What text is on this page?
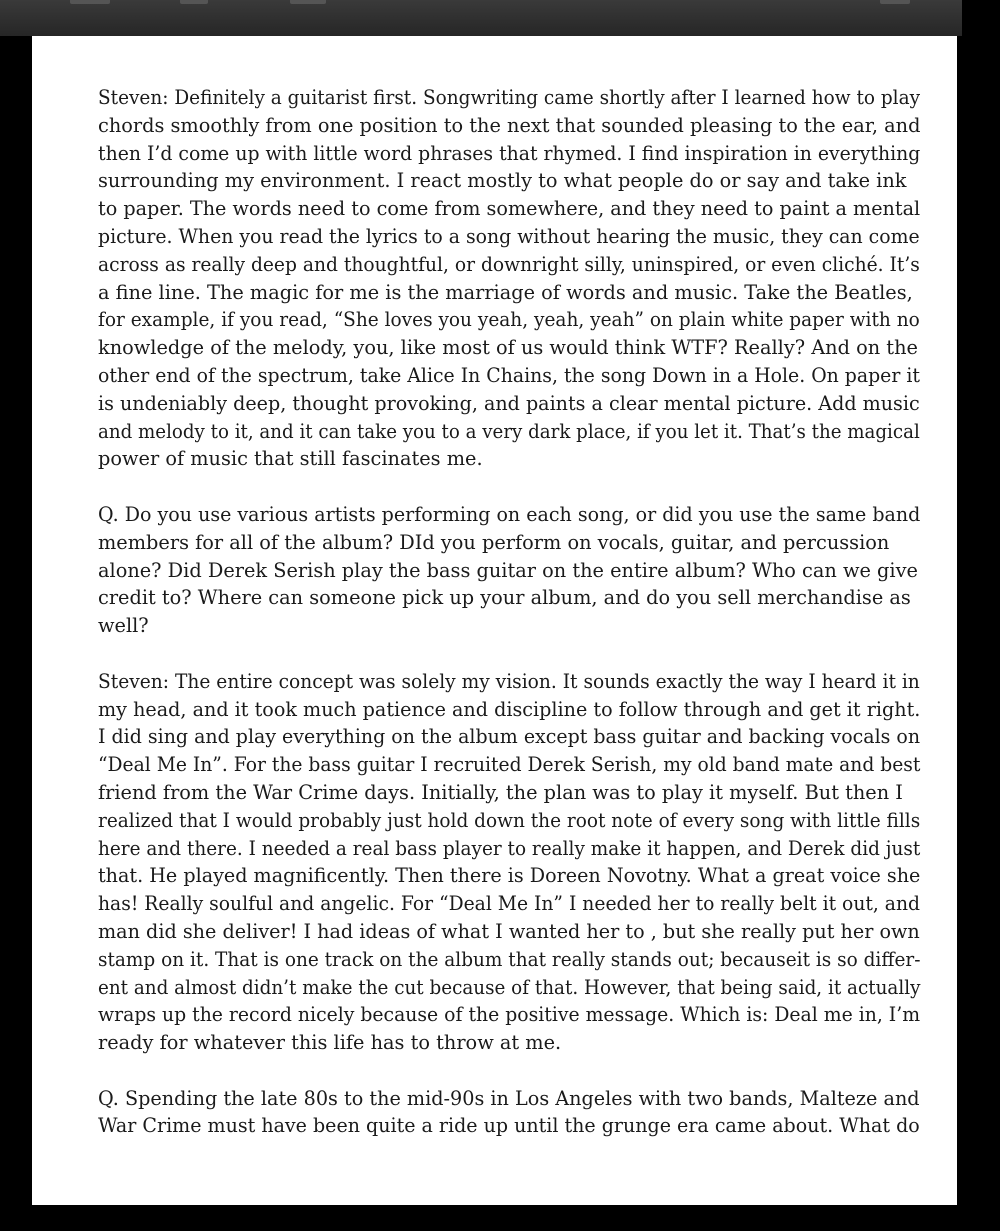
Steven: Definitely a guitarist first. Songwriting came shortly after I learned how to play
chords smoothly from one position to the next that sounded pleasing to the ear, and
then I’d come up with little word phrases that rhymed. I find inspiration in everything
surrounding my environment. I react mostly to what people do or say and take ink
to paper. The words need to come from somewhere, and they need to paint a mental
picture. When you read the lyrics to a song without hearing the music, they can come
across as really deep and thoughtful, or downright silly, uninspired, or even cliché. It’s
a fine line. The magic for me is the marriage of words and music. Take the Beatles,
for example, if you read, “She loves you yeah, yeah, yeah” on plain white paper with no
knowledge of the melody, you, like most of us would think WTF? Really? And on the
other end of the spectrum, take Alice In Chains, the song Down in a Hole. On paper it
is undeniably deep, thought provoking, and paints a clear mental picture. Add music
and melody to it, and it can take you to a very dark place, if you let it. That’s the magical
power of music that still fascinates me.
Q. Do you use various artists performing on each song, or did you use the same band
members for all of the album? DId you perform on vocals, guitar, and percussion
alone? Did Derek Serish play the bass guitar on the entire album? Who can we give
credit to? Where can someone pick up your album, and do you sell merchandise as
well?
Steven: The entire concept was solely my vision. It sounds exactly the way I heard it in
my head, and it took much patience and discipline to follow through and get it right.
I did sing and play everything on the album except bass guitar and backing vocals on
“Deal Me In”. For the bass guitar I recruited Derek Serish, my old band mate and best
friend from the War Crime days. Initially, the plan was to play it myself. But then I
realized that I would probably just hold down the root note of every song with little fills
here and there. I needed a real bass player to really make it happen, and Derek did just
that. He played magnificently. Then there is Doreen Novotny. What a great voice she
has! Really soulful and angelic. For “Deal Me In” I needed her to really belt it out, and
man did she deliver! I had ideas of what I wanted her to , but she really put her own
stamp on it. That is one track on the album that really stands out; becauseit is so differ-
ent and almost didn’t make the cut because of that. However, that being said, it actually
wraps up the record nicely because of the positive message. Which is: Deal me in, I’m
ready for whatever this life has to throw at me.
Q. Spending the late 80s to the mid-90s in Los Angeles with two bands, Malteze and
War Crime must have been quite a ride up until the grunge era came about. What do
